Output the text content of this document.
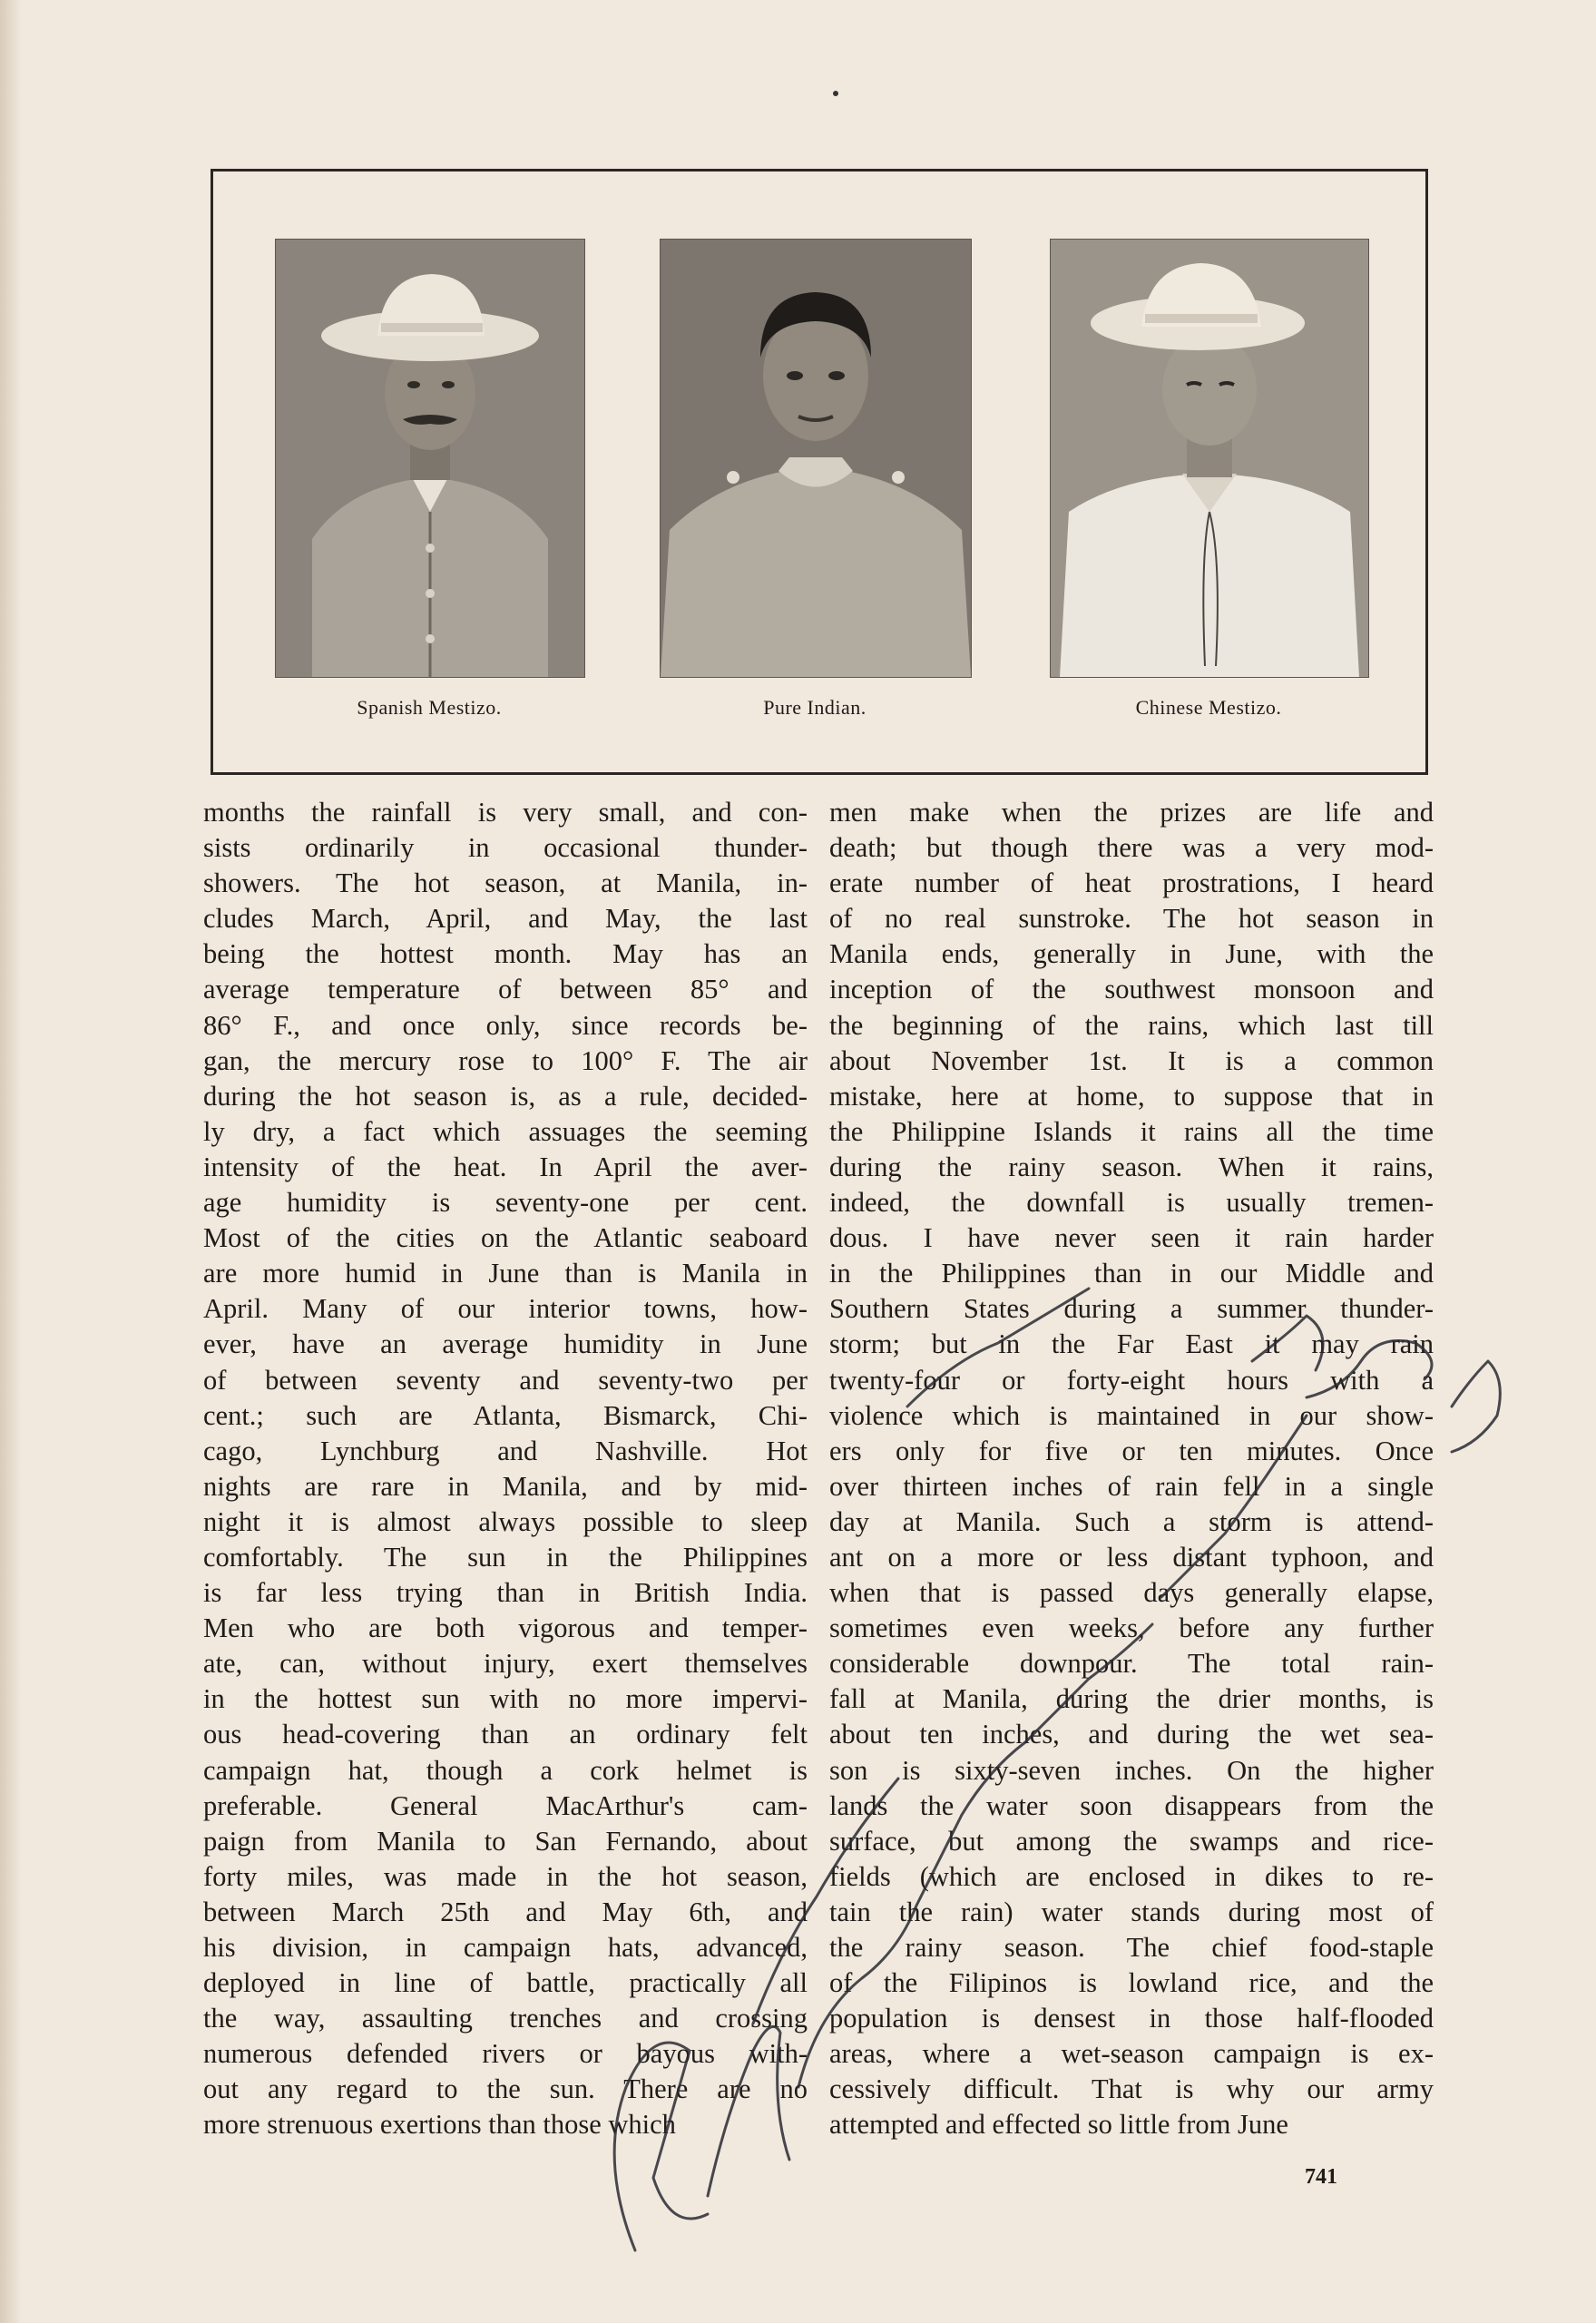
Spanish Mestizo.	Pure Indian.	Chinese Mestizo.

months the rainfall is very small, and con-

sists ordinarily in occasional thunder-

showers. The hot season, at Manila, in-

cludes March, April, and May, the last

being the hottest month. May has an

average temperature of between 85° and

86° F., and once only, since records be-

gan, the mercury rose to 100° F. The air

during the hot season is, as a rule, decided-

ly dry, a fact which assuages the seeming

intensity of the heat. In April the aver-

age humidity is seventy-one per cent.

Most of the cities on the Atlantic seaboard

are more humid in June than is Manila in

April. Many of our interior towns, how-

ever, have an average humidity in June

of between seventy and seventy-two per

cent.; such are Atlanta, Bismarck, Chi-

cago, Lynchburg and Nashville. Hot

nights are rare in Manila, and by mid-

night it is almost always possible to sleep

comfortably. The sun in the Philippines

is far less trying than in British India.

Men who are both vigorous and temper-

ate, can, without injury, exert themselves

in the hottest sun with no more impervi-

ous head-covering than an ordinary felt

campaign hat, though a cork helmet is

preferable. General MacArthur's cam-

paign from Manila to San Fernando, about

forty miles, was made in the hot season,

between March 25th and May 6th, and

his division, in campaign hats, advanced,

deployed in line of battle, practically all

the way, assaulting trenches and crossing

numerous defended rivers or bayous with-

out any regard to the sun. There are no

more strenuous exertions than those which

men make when the prizes are life and

death; but though there was a very mod-

erate number of heat prostrations, I heard

of no real sunstroke. The hot season in

Manila ends, generally in June, with the

inception of the southwest monsoon and

the beginning of the rains, which last till

about November 1st. It is a common

mistake, here at home, to suppose that in

the Philippine Islands it rains all the time

during the rainy season. When it rains,

indeed, the downfall is usually tremen-

dous. I have never seen it rain harder

in the Philippines than in our Middle and

Southern States during a summer thunder-

storm; but in the Far East it may rain

twenty-four or forty-eight hours with a

violence which is maintained in our show-

ers only for five or ten minutes. Once

over thirteen inches of rain fell in a single

day at Manila. Such a storm is attend-

ant on a more or less distant typhoon, and

when that is passed days generally elapse,

sometimes even weeks, before any further

considerable downpour. The total rain-

fall at Manila, during the drier months, is

about ten inches, and during the wet sea-

son is sixty-seven inches. On the higher

lands the water soon disappears from the

surface, but among the swamps and rice-

fields (which are enclosed in dikes to re-

tain the rain) water stands during most of

the rainy season. The chief food-staple

of the Filipinos is lowland rice, and the

population is densest in those half-flooded

areas, where a wet-season campaign is ex-

cessively difficult. That is why our army

attempted and effected so little from June

741
